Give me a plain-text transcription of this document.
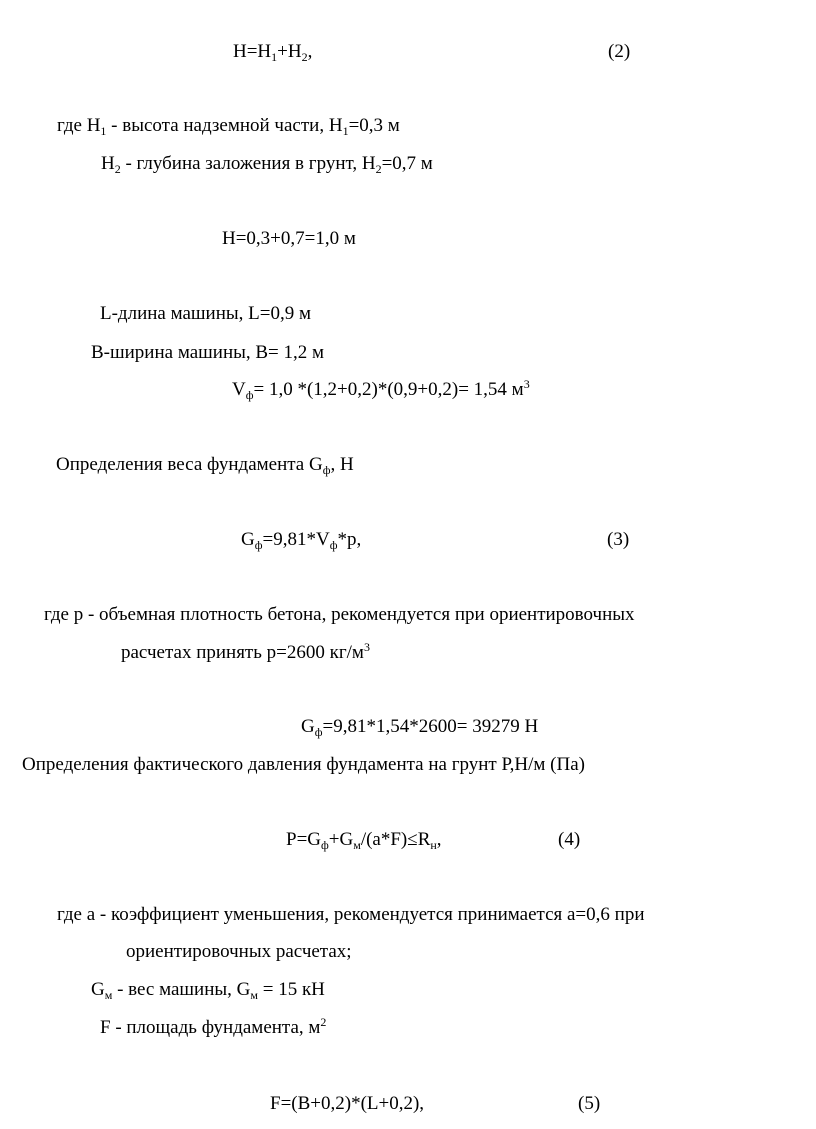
$H=H_1+H_2$,	(2)
где $H_1$ - высота надземной части, $H_1=0,3$ м
$H_2$ - глубина заложения в грунт, $H_2=0,7$ м
H=0,3+0,7=1,0 м
L-длина машины, L=0,9 м
B-ширина машины, B= 1,2 м
$V_ф= 1,0$ *(1,2+0,2)*(0,9+0,2)= 1,54 $м^3$
Определения веса фундамента $G_ф$, Н
$G_ф=9,81*V_ф*р$,	(3)
где р - объемная плотность бетона, рекомендуется при ориентировочных
расчетах принять р=2600 $кг/м^3$
$G_ф=9,81*1,54*2600= 39279$ Н
Определения фактического давления фундамента на грунт Р,Н/м (Па)
$Р=G_ф+G_м/(a*F)\le R_н$,	(4)
где а - коэффициент уменьшения, рекомендуется принимается а=0,6 при
ориентировочных расчетах;
$G_м$ - вес машины, $G_м = 15$ кН
F - площадь фундамента, $м^2$
F=(B+0,2)*(L+0,2),	(5)
